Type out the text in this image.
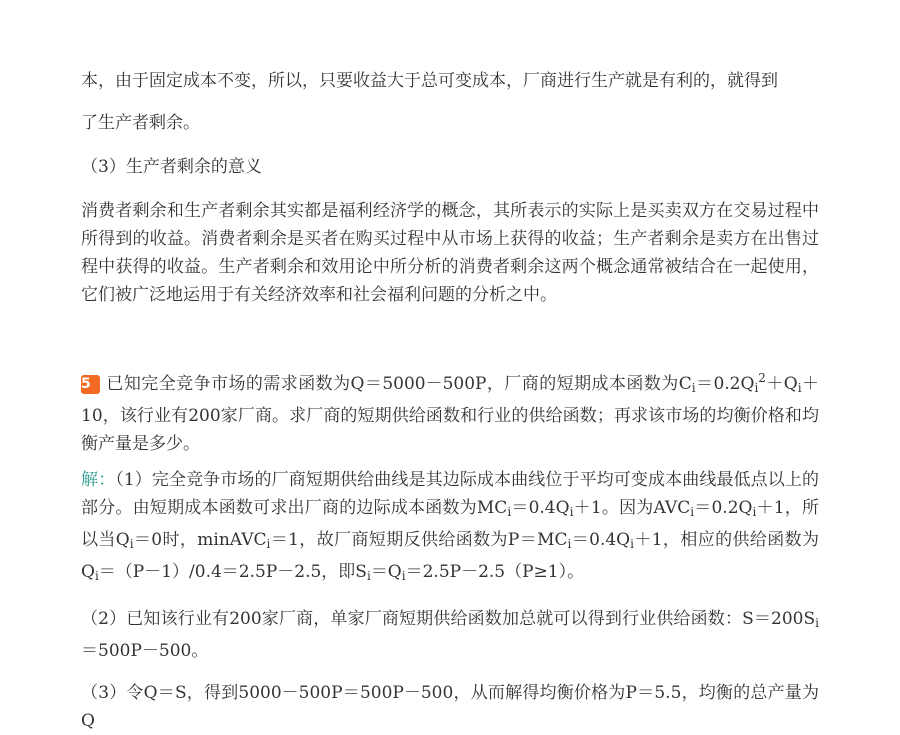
本，由于固定成本不变，所以，只要收益大于总可变成本，厂商进行生产就是有利的，就得到

了生产者剩余。

（3）生产者剩余的意义

消费者剩余和生产者剩余其实都是福利经济学的概念，其所表示的实际上是买卖双方在交易过程中所得到的收益。消费者剩余是买者在购买过程中从市场上获得的收益；生产者剩余是卖方在出售过程中获得的收益。生产者剩余和效用论中所分析的消费者剩余这两个概念通常被结合在一起使用，它们被广泛地运用于有关经济效率和社会福利问题的分析之中。

5 已知完全竞争市场的需求函数为Q＝5000－500P，厂商的短期成本函数为$C_i=0.2Q_i^2+Q_i+10$，该行业有200家厂商。求厂商的短期供给函数和行业的供给函数；再求该市场的均衡价格和均衡产量是多少。

解：（1）完全竞争市场的厂商短期供给曲线是其边际成本曲线位于平均可变成本曲线最低点以上的部分。由短期成本函数可求出厂商的边际成本函数为$MC_i=0.4Q_i+1$。因为$AVC_i=0.2Q_i+1$，所以当$Q_i=0$时，minAVC$_i$＝1，故厂商短期反供给函数为$P=MC_i=0.4Q_i+1$，相应的供给函数为$Q_i=(P-1)/0.4=2.5P-2.5$，即$S_i=Q_i=2.5P-2.5(P\ge 1)$。

（2）已知该行业有200家厂商，单家厂商短期供给函数加总就可以得到行业供给函数：$S=200S_i=500P-500$。

（3）令Q＝S，得到5000－500P＝500P－500，从而解得均衡价格为P＝5.5，均衡的总产量为Q
